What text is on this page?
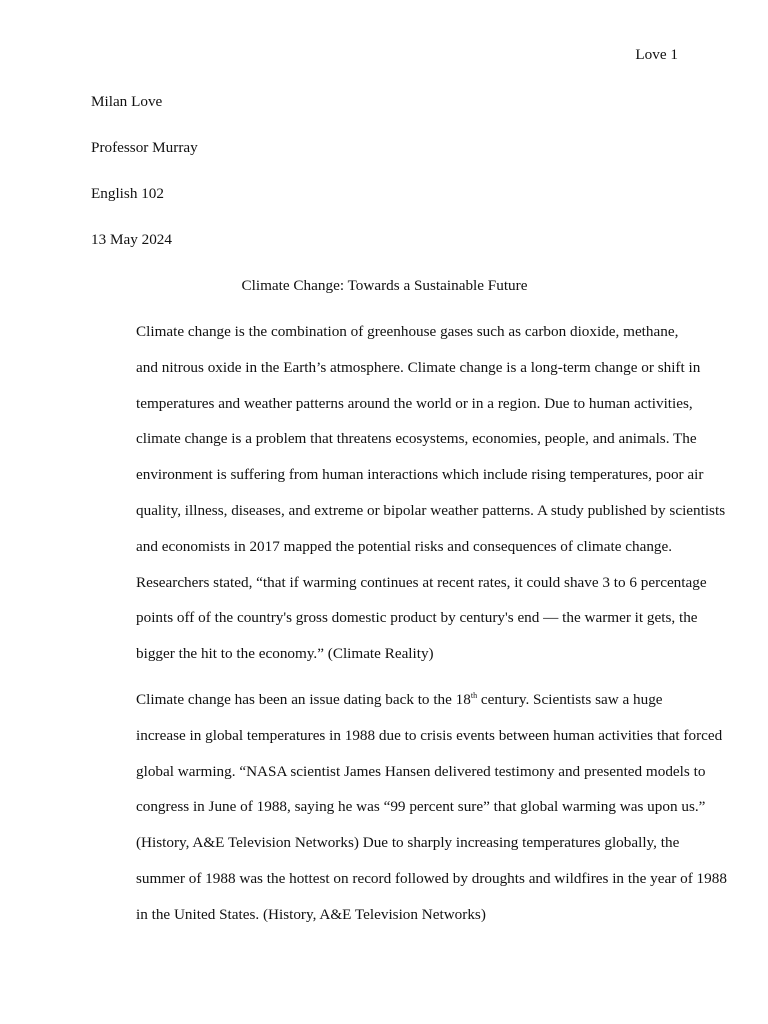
Love 1
Milan Love
Professor Murray
English 102
13 May 2024
Climate Change: Towards a Sustainable Future

Climate change is the combination of greenhouse gases such as carbon dioxide, methane,
and nitrous oxide in the Earth’s atmosphere. Climate change is a long-term change or shift in
temperatures and weather patterns around the world or in a region. Due to human activities,
climate change is a problem that threatens ecosystems, economies, people, and animals. The
environment is suffering from human interactions which include rising temperatures, poor air
quality, illness, diseases, and extreme or bipolar weather patterns. A study published by scientists
and economists in 2017 mapped the potential risks and consequences of climate change.
Researchers stated, “that if warming continues at recent rates, it could shave 3 to 6 percentage
points off of the country's gross domestic product by century's end — the warmer it gets, the
bigger the hit to the economy.” (Climate Reality)

Climate change has been an issue dating back to the 18th century. Scientists saw a huge
increase in global temperatures in 1988 due to crisis events between human activities that forced
global warming. “NASA scientist James Hansen delivered testimony and presented models to
congress in June of 1988, saying he was “99 percent sure” that global warming was upon us.”
(History, A&E Television Networks) Due to sharply increasing temperatures globally, the
summer of 1988 was the hottest on record followed by droughts and wildfires in the year of 1988
in the United States. (History, A&E Television Networks)
